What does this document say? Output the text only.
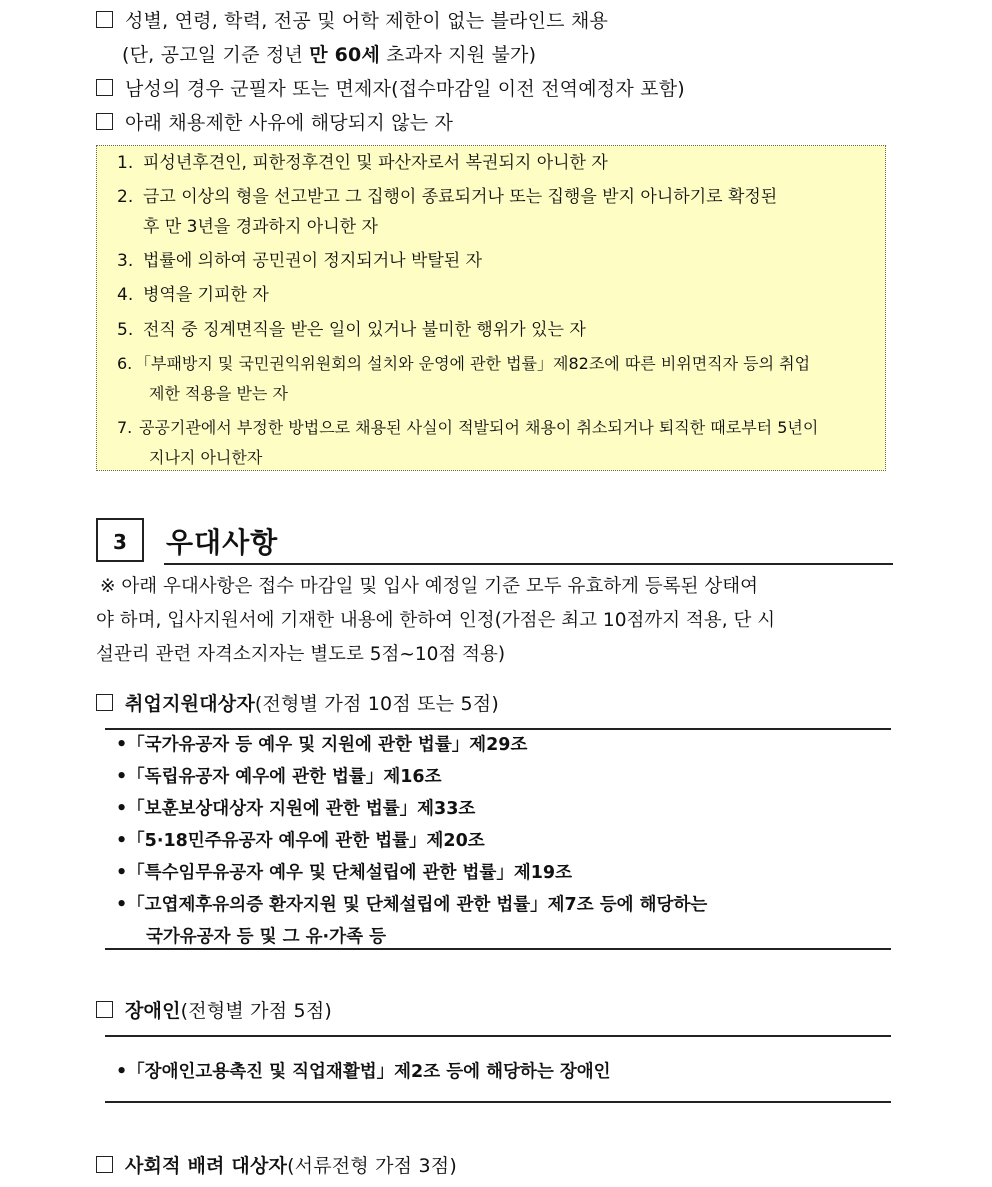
성별, 연령, 학력, 전공 및 어학 제한이 없는 블라인드 채용
(단, 공고일 기준 정년 만 60세 초과자 지원 불가)
남성의 경우 군필자 또는 면제자(접수마감일 이전 전역예정자 포함)
아래 채용제한 사유에 해당되지 않는 자
1. 피성년후견인, 피한정후견인 및 파산자로서 복권되지 아니한 자
2. 금고 이상의 형을 선고받고 그 집행이 종료되거나 또는 집행을 받지 아니하기로 확정된
후 만 3년을 경과하지 아니한 자
3. 법률에 의하여 공민권이 정지되거나 박탈된 자
4. 병역을 기피한 자
5. 전직 중 징계면직을 받은 일이 있거나 불미한 행위가 있는 자
6. 「부패방지 및 국민권익위원회의 설치와 운영에 관한 법률」제82조에 따른 비위면직자 등의 취업
제한 적용을 받는 자
7. 공공기관에서 부정한 방법으로 채용된 사실이 적발되어 채용이 취소되거나 퇴직한 때로부터 5년이
지나지 아니한자
3	우대사항
※ 아래 우대사항은 접수 마감일 및 입사 예정일 기준 모두 유효하게 등록된 상태여
야 하며, 입사지원서에 기재한 내용에 한하여 인정(가점은 최고 10점까지 적용, 단 시
설관리 관련 자격소지자는 별도로 5점~10점 적용)
취업지원대상자(전형별 가점 10점 또는 5점)
•「국가유공자 등 예우 및 지원에 관한 법률」제29조
•「독립유공자 예우에 관한 법률」제16조
•「보훈보상대상자 지원에 관한 법률」제33조
•「5·18민주유공자 예우에 관한 법률」제20조
•「특수임무유공자 예우 및 단체설립에 관한 법률」제19조
•「고엽제후유의증 환자지원 및 단체설립에 관한 법률」제7조 등에 해당하는
국가유공자 등 및 그 유·가족 등
장애인(전형별 가점 5점)
•「장애인고용촉진 및 직업재활법」제2조 등에 해당하는 장애인
사회적 배려 대상자(서류전형 가점 3점)
